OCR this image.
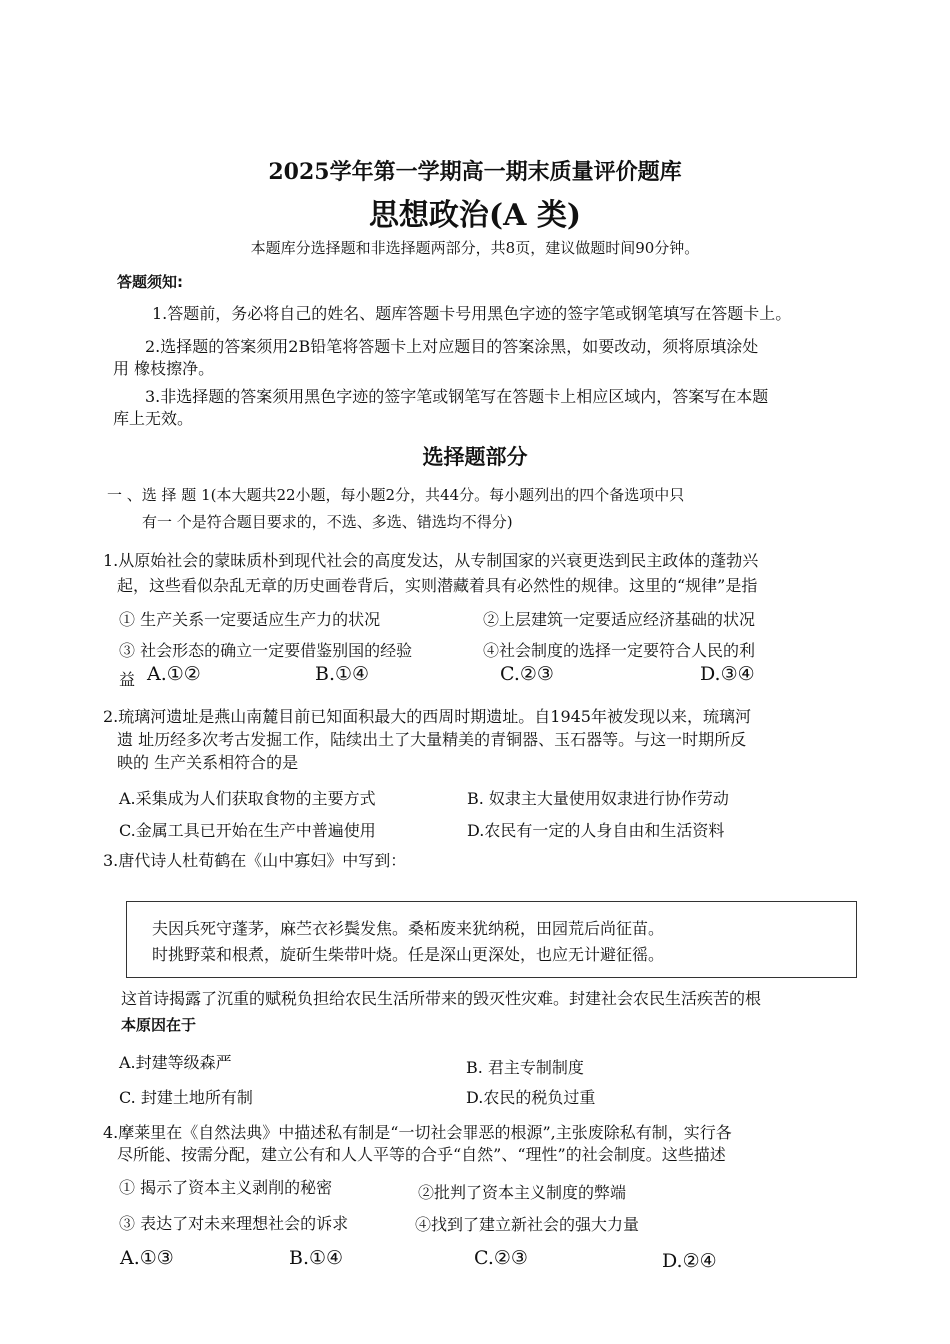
2025学年第一学期高一期末质量评价题库
思想政治(A 类)
本题库分选择题和非选择题两部分，共8页，建议做题时间90分钟。
答题须知:
1.答题前，务必将自己的姓名、题库答题卡号用黑色字迹的签字笔或钢笔填写在答题卡上。
2.选择题的答案须用2B铅笔将答题卡上对应题目的答案涂黑，如要改动，须将原填涂处
用 橡枝擦净。
3.非选择题的答案须用黑色字迹的签字笔或钢笔写在答题卡上相应区域内，答案写在本题
库上无效。
选择题部分
一 、选 择 题 1(本大题共22小题，每小题2分，共44分。每小题列出的四个备选项中只
有一 个是符合题目要求的，不选、多选、错选均不得分)
1.从原始社会的蒙昧质朴到现代社会的高度发达，从专制国家的兴衰更迭到民主政体的蓬勃兴
起，这些看似杂乱无章的历史画卷背后，实则潜藏着具有必然性的规律。这里的“规律”是指
① 生产关系一定要适应生产力的状况	②上层建筑一定要适应经济基础的状况
③ 社会形态的确立一定要借鉴别国的经验	④社会制度的选择一定要符合人民的利
益 A.①②	B.①④	C.②③	D.③④
2.琉璃河遗址是燕山南麓目前已知面积最大的西周时期遗址。自1945年被发现以来，琉璃河
遗 址历经多次考古发掘工作，陆续出土了大量精美的青铜器、玉石器等。与这一时期所反
映的 生产关系相符合的是
A.采集成为人们获取食物的主要方式	B. 奴隶主大量使用奴隶进行协作劳动
C.金属工具已开始在生产中普遍使用	D.农民有一定的人身自由和生活资料
3.唐代诗人杜荀鹤在《山中寡妇》中写到：
夫因兵死守蓬茅，麻苎衣衫鬓发焦。桑柘废来犹纳税，田园荒后尚征苗。
时挑野菜和根煮，旋斫生柴带叶烧。任是深山更深处，也应无计避征徭。
这首诗揭露了沉重的赋税负担给农民生活所带来的毁灭性灾难。封建社会农民生活疾苦的根
本原因在于
A.封建等级森严	B. 君主专制制度
C. 封建土地所有制	D.农民的税负过重
4.摩莱里在《自然法典》中描述私有制是“一切社会罪恶的根源”,主张废除私有制，实行各
尽所能、按需分配，建立公有和人人平等的合乎“自然”、“理性”的社会制度。这些描述
① 揭示了资本主义剥削的秘密	②批判了资本主义制度的弊端
③ 表达了对未来理想社会的诉求	④找到了建立新社会的强大力量
A.①③	B.①④	C.②③	D.②④
